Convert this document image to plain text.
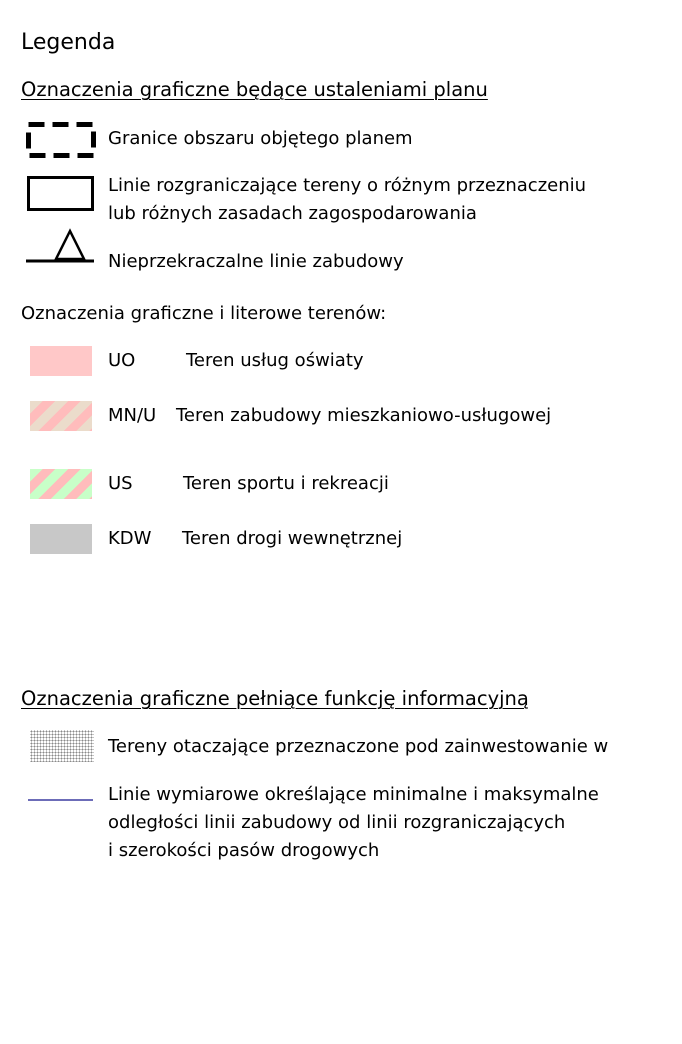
Legenda
Oznaczenia graficzne będące ustaleniami planu
Granice obszaru objętego planem
Linie rozgraniczające tereny o różnym przeznaczeniu
lub różnych zasadach zagospodarowania
Nieprzekraczalne linie zabudowy
Oznaczenia graficzne i literowe terenów:
UO	Teren usług oświaty
MN/U Teren zabudowy mieszkaniowo-usługowej
US	Teren sportu i rekreacji
KDW Teren drogi wewnętrznej
Oznaczenia graficzne pełniące funkcję informacyjną
Tereny otaczające przeznaczone pod zainwestowanie w
Linie wymiarowe określające minimalne i maksymalne
odległości linii zabudowy od linii rozgraniczających
i szerokości pasów drogowych
